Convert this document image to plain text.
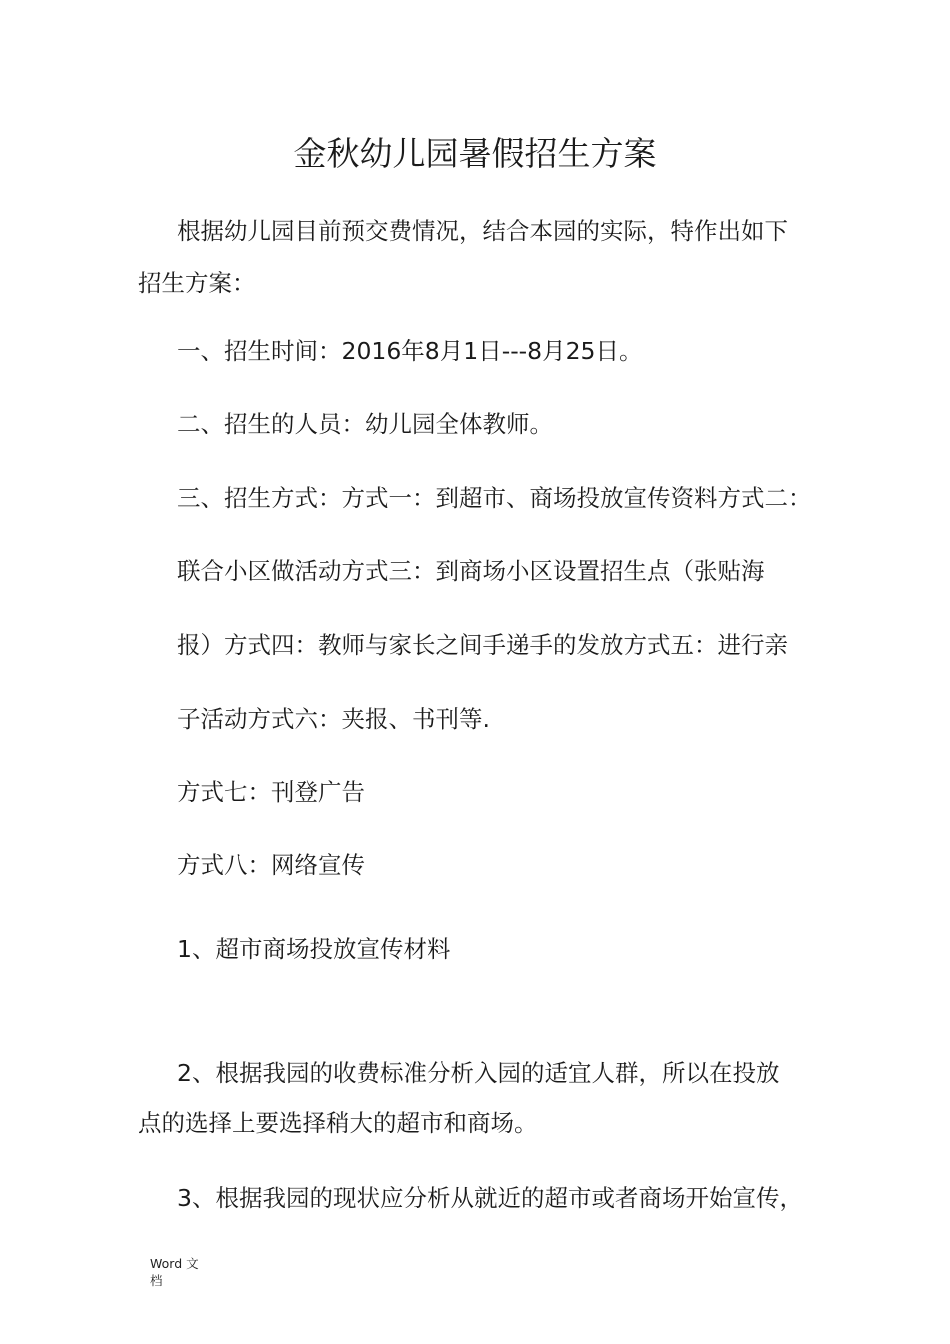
金秋幼儿园暑假招生方案
根据幼儿园目前预交费情况，结合本园的实际，特作出如下
招生方案：
一、招生时间：2016年8月1日---8月25日。
二、招生的人员：幼儿园全体教师。
三、招生方式：方式一：到超市、商场投放宣传资料方式二：
联合小区做活动方式三：到商场小区设置招生点（张贴海
报）方式四：教师与家长之间手递手的发放方式五：进行亲
子活动方式六：夹报、书刊等.
方式七：刊登广告
方式八：网络宣传
1、超市商场投放宣传材料
2、根据我园的收费标准分析入园的适宜人群，所以在投放
点的选择上要选择稍大的超市和商场。
3、根据我园的现状应分析从就近的超市或者商场开始宣传，
Word 文
档
